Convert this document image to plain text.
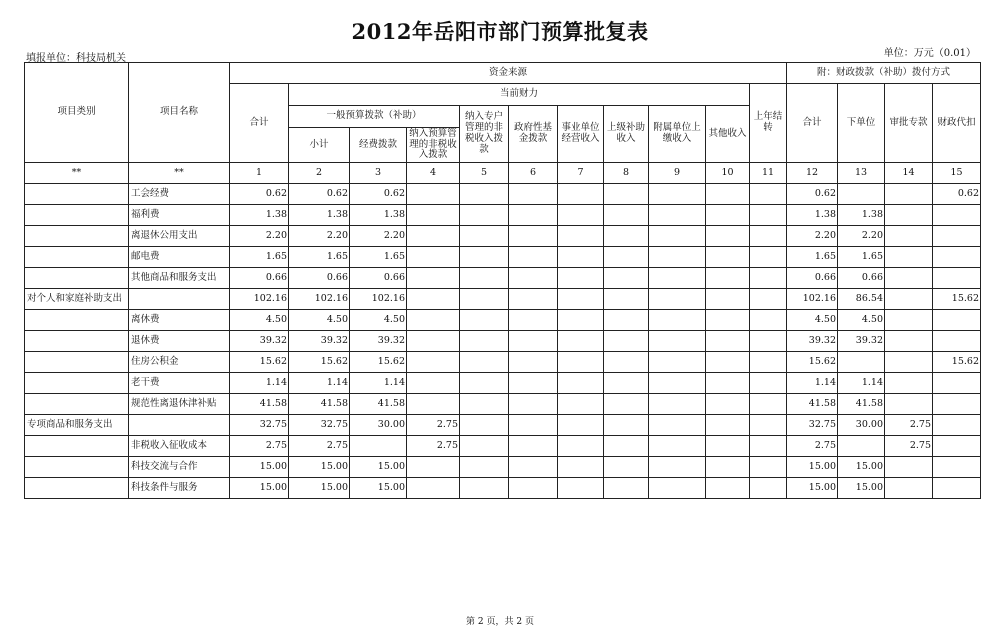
2012年岳阳市部门预算批复表
填报单位：科技局机关	单位：万元（0.01）
项目类别	项目名称	资金来源											附：财政拨款（补助）拨付方式			
		合计	当前财力									上年结转	合计	下单位	审批专款	财政代扣
			一般预算拨款（补助）			纳入专户管理的非税收入拨款	政府性基金拨款	事业单位经营收入	上级补助收入	附属单位上缴收入	其他收入					
			小计	经费拨款	纳入预算管理的非税收入拨款											
**	**	1	2	3	4	5	6	7	8	9	10	11	12	13	14	15
	工会经费	0.62	0.62	0.62									0.62			0.62
	福利费	1.38	1.38	1.38									1.38	1.38		
	离退休公用支出	2.20	2.20	2.20									2.20	2.20		
	邮电费	1.65	1.65	1.65									1.65	1.65		
	其他商品和服务支出	0.66	0.66	0.66									0.66	0.66		
对个人和家庭补助支出		102.16	102.16	102.16									102.16	86.54		15.62
	离休费	4.50	4.50	4.50									4.50	4.50		
	退休费	39.32	39.32	39.32									39.32	39.32		
	住房公积金	15.62	15.62	15.62									15.62			15.62
	老干费	1.14	1.14	1.14									1.14	1.14		
	规范性离退休津补贴	41.58	41.58	41.58									41.58	41.58		
专项商品和服务支出		32.75	32.75	30.00	2.75								32.75	30.00	2.75	
	非税收入征收成本	2.75	2.75		2.75								2.75		2.75	
	科技交流与合作	15.00	15.00	15.00									15.00	15.00		
	科技条件与服务	15.00	15.00	15.00									15.00	15.00		
第 2 页，共 2 页
